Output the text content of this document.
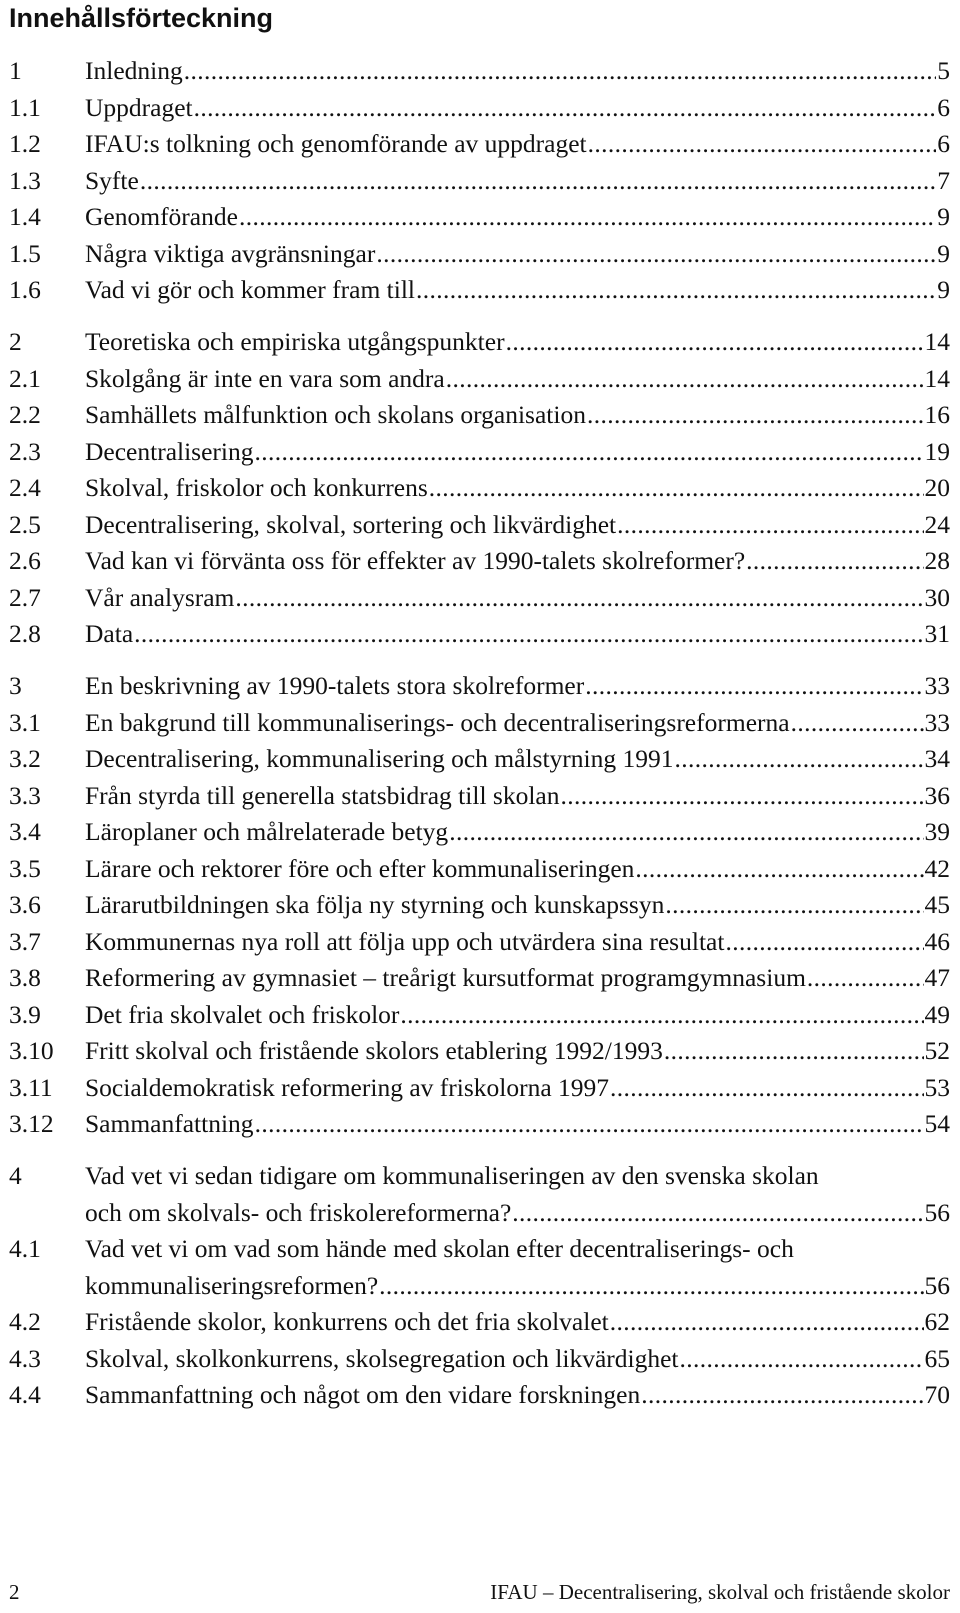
Innehållsförteckning
1 Inledning . . .	5
1.1 Uppdraget . . .	6
1.2 IFAU:s tolkning och genomförande av uppdraget . . .	6
1.3 Syfte . . .	7
1.4 Genomförande . . .	9
1.5 Några viktiga avgränsningar . . .	9
1.6 Vad vi gör och kommer fram till . . .	9
2 Teoretiska och empiriska utgångspunkter . . .	14
2.1 Skolgång är inte en vara som andra . . .	14
2.2 Samhällets målfunktion och skolans organisation . . .	16
2.3 Decentralisering . . .	19
2.4 Skolval, friskolor och konkurrens . . .	20
2.5 Decentralisering, skolval, sortering och likvärdighet . . .	24
2.6 Vad kan vi förvänta oss för effekter av 1990-talets skolreformer? . . .	28
2.7 Vår analysram . . .	30
2.8 Data . . .	31
3 En beskrivning av 1990-talets stora skolreformer . . .	33
3.1 En bakgrund till kommunaliserings- och decentraliseringsreformerna . . .	33
3.2 Decentralisering, kommunalisering och målstyrning 1991 . . .	34
3.3 Från styrda till generella statsbidrag till skolan . . .	36
3.4 Läroplaner och målrelaterade betyg . . .	39
3.5 Lärare och rektorer före och efter kommunaliseringen . . .	42
3.6 Lärarutbildningen ska följa ny styrning och kunskapssyn . . .	45
3.7 Kommunernas nya roll att följa upp och utvärdera sina resultat . . .	46
3.8 Reformering av gymnasiet – treårigt kursutformat programgymnasium . . .	47
3.9 Det fria skolvalet och friskolor . . .	49
3.10 Fritt skolval och fristående skolors etablering 1992/1993 . . .	52
3.11 Socialdemokratisk reformering av friskolorna 1997 . . .	53
3.12 Sammanfattning . . .	54
4 Vad vet vi sedan tidigare om kommunaliseringen av den svenska skolan
och om skolvals- och friskolereformerna? . . .	56
4.1 Vad vet vi om vad som hände med skolan efter decentraliserings- och
kommunaliseringsreformen? . . .	56
4.2 Fristående skolor, konkurrens och det fria skolvalet . . .	62
4.3 Skolval, skolkonkurrens, skolsegregation och likvärdighet . . .	65
4.4 Sammanfattning och något om den vidare forskningen . . .	70
2	IFAU – Decentralisering, skolval och fristående skolor
